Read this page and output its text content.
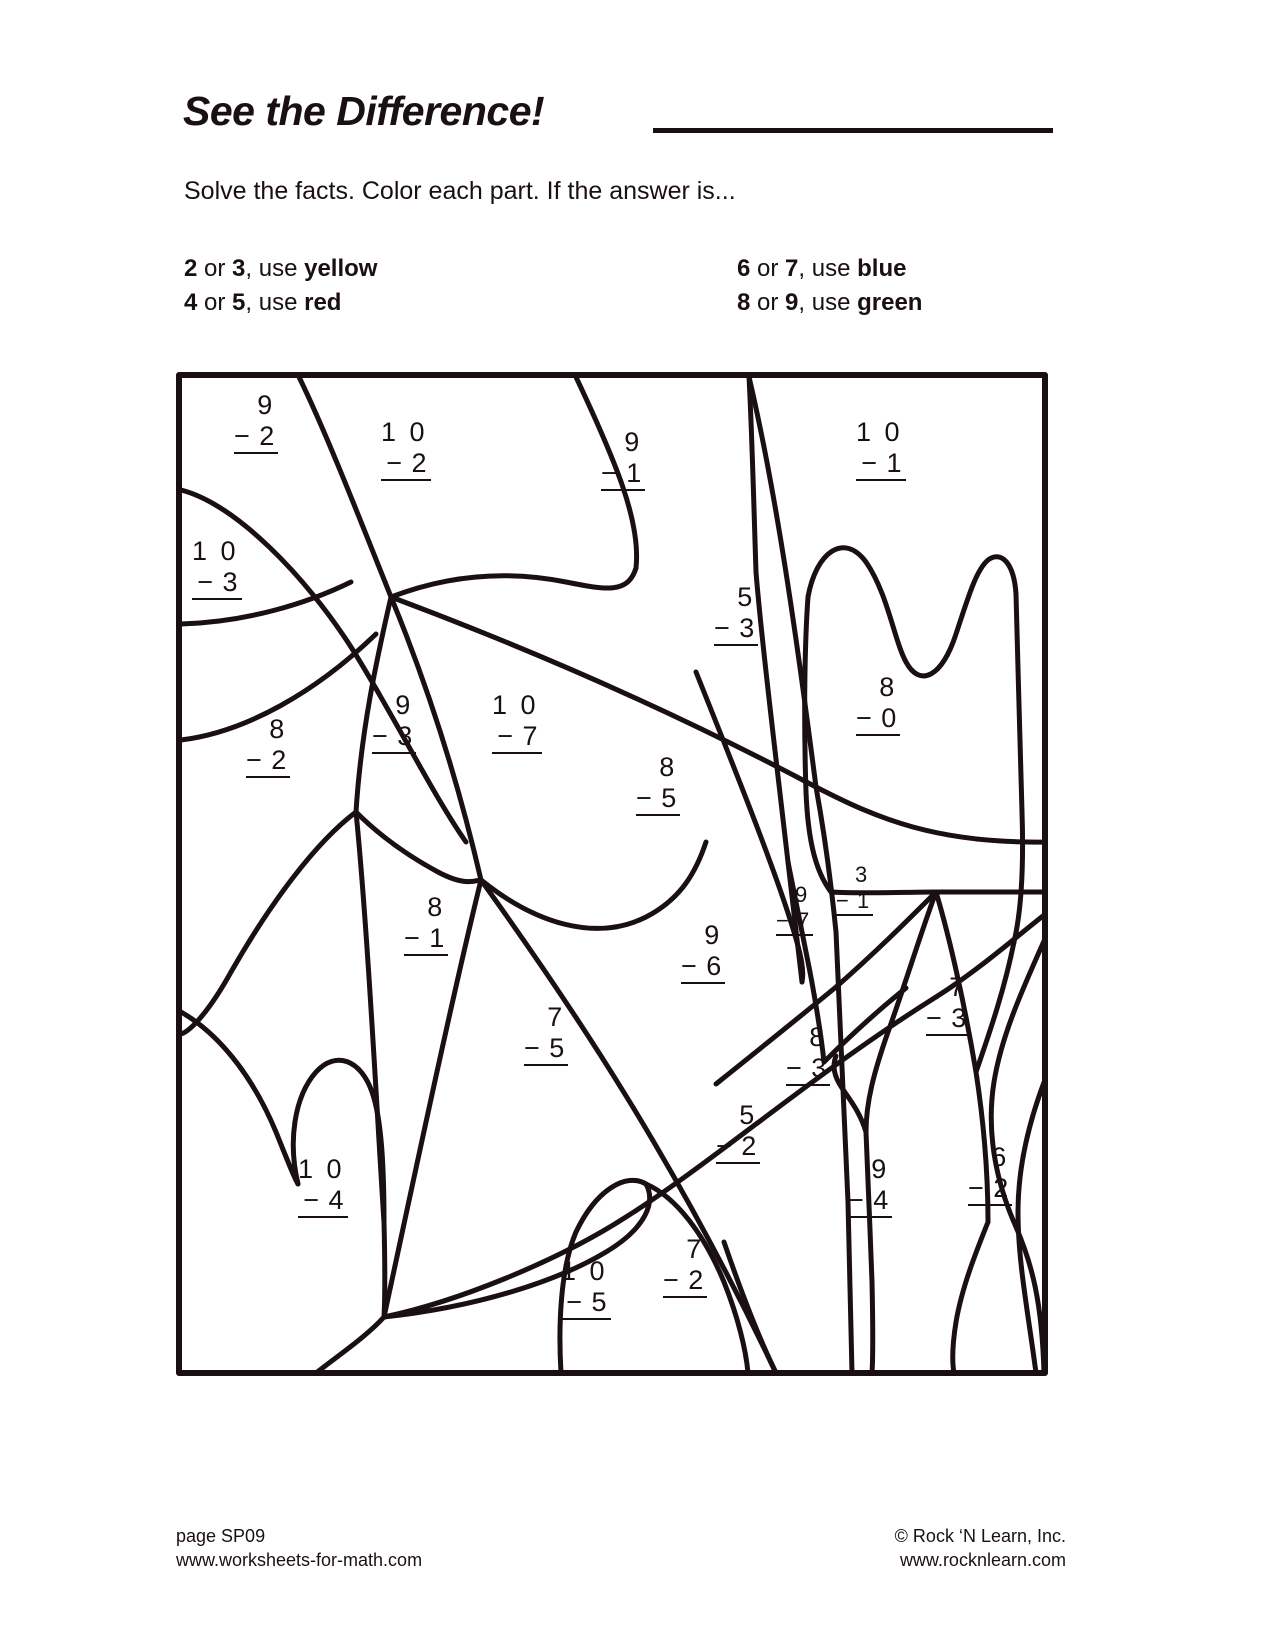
See the Difference!
Solve the facts. Color each part. If the answer is...
2 or 3, use yellow
4 or 5, use red
6 or 7, use blue
8 or 9, use green
9
− 2	1 0
− 2
9
− 1
1 0
− 1
1 0
− 3	5
− 3
8
− 2
9
− 3
1 0
− 7
8
− 0
8
− 5
9
− 7
3
− 1
8
− 1	9
− 6
7
− 3
7
− 5	8
− 3
5
− 2
1 0
− 4
9
− 4
6
− 2
1 0
− 5
7
− 2
page SP09
www.worksheets-for-math.com
© Rock ‘N Learn, Inc.
www.rocknlearn.com
